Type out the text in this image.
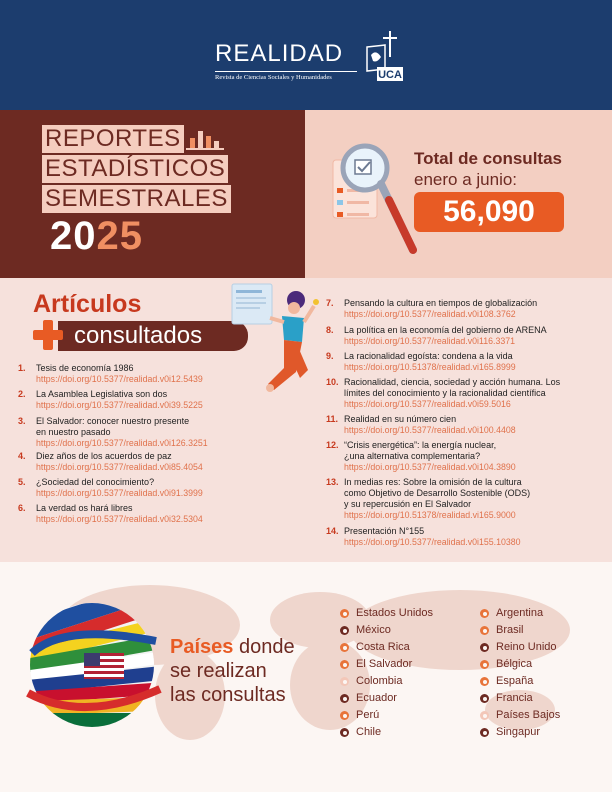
REALIDAD
Revista de Ciencias Sociales y Humanidades	UCA
REPORTES
ESTADÍSTICOS
SEMESTRALES
2025
Total de consultas
enero a junio:
56,090
Artículos
consultados
1. Tesis de economía 1986
https://doi.org/10.5377/realidad.v0i12.5439
2. La Asamblea Legislativa son dos
https://doi.org/10.5377/realidad.v0i39.5225
3. El Salvador: conocer nuestro presente
en nuestro pasado
https://doi.org/10.5377/realidad.v0i126.3251
4. Diez años de los acuerdos de paz
https://doi.org/10.5377/realidad.v0i85.4054
5. ¿Sociedad del conocimiento?
https://doi.org/10.5377/realidad.v0i91.3999
6. La verdad os hará libres
https://doi.org/10.5377/realidad.v0i32.5304
7. Pensando la cultura en tiempos de globalización
https://doi.org/10.5377/realidad.v0i108.3762
8. La política en la economía del gobierno de ARENA
https://doi.org/10.5377/realidad.v0i116.3371
9. La racionalidad egoísta: condena a la vida
https://doi.org/10.51378/realidad.vi165.8999
10. Racionalidad, ciencia, sociedad y acción humana. Los
límites del conocimiento y la racionalidad científica
https://doi.org/10.5377/realidad.v0i59.5016
11. Realidad en su número cien
https://doi.org/10.5377/realidad.v0i100.4408
12. “Crisis energética”: la energía nuclear,
¿una alternativa complementaria?
https://doi.org/10.5377/realidad.v0i104.3890
13. In medias res: Sobre la omisión de la cultura
como Objetivo de Desarrollo Sostenible (ODS)
y su repercusión en El Salvador
https://doi.org/10.51378/realidad.vi165.9000
14. Presentación N°155
https://doi.org/10.5377/realidad.v0i155.10380
Países donde
se realizan
las consultas
Estados Unidos
México
Costa Rica
El Salvador
Colombia
Ecuador
Perú
Chile
Argentina
Brasil
Reino Unido
Bélgica
España
Francia
Países Bajos
Singapur
